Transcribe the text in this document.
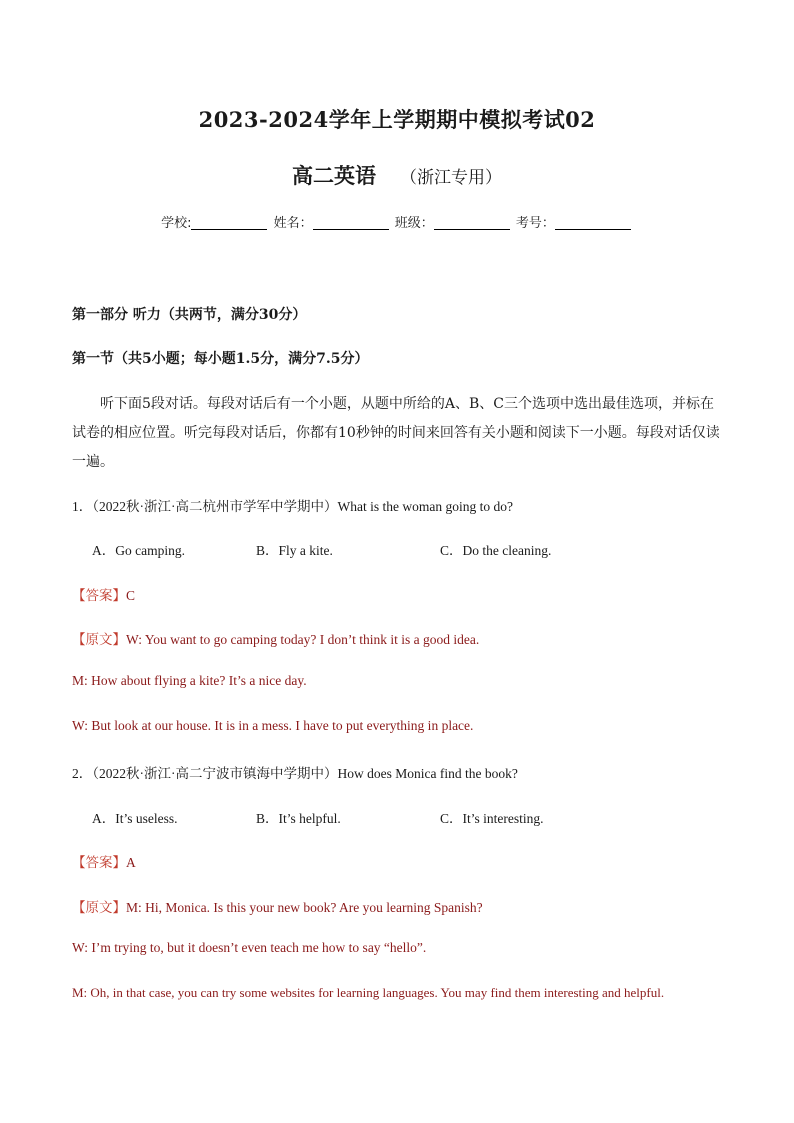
2023-2024学年上学期期中模拟考试02
高二英语 （浙江专用）
学校:	姓名：	班级：	考号：
第一部分 听力（共两节，满分30分）
第一节（共5小题；每小题1.5分，满分7.5分）

听下面5段对话。每段对话后有一个小题，从题中所给的A、B、C三个选项中选出最佳选项，并标在试卷的相应位置。听完每段对话后，你都有10秒钟的时间来回答有关小题和阅读下一小题。每段对话仅读一遍。

1．（2022秋·浙江·高二杭州市学军中学期中）What is the woman going to do?
A．Go camping.	B．Fly a kite.	C．Do the cleaning.
【答案】C
【原文】W: You want to go camping today? I don’t think it is a good idea.
M: How about flying a kite? It’s a nice day.
W: But look at our house. It is in a mess. I have to put everything in place.
2．（2022秋·浙江·高二宁波市镇海中学期中）How does Monica find the book?
A．It’s useless.	B．It’s helpful.	C．It’s interesting.
【答案】A
【原文】M: Hi, Monica. Is this your new book? Are you learning Spanish?
W: I’m trying to, but it doesn’t even teach me how to say “hello”.
M: Oh, in that case, you can try some websites for learning languages. You may find them interesting and helpful.
